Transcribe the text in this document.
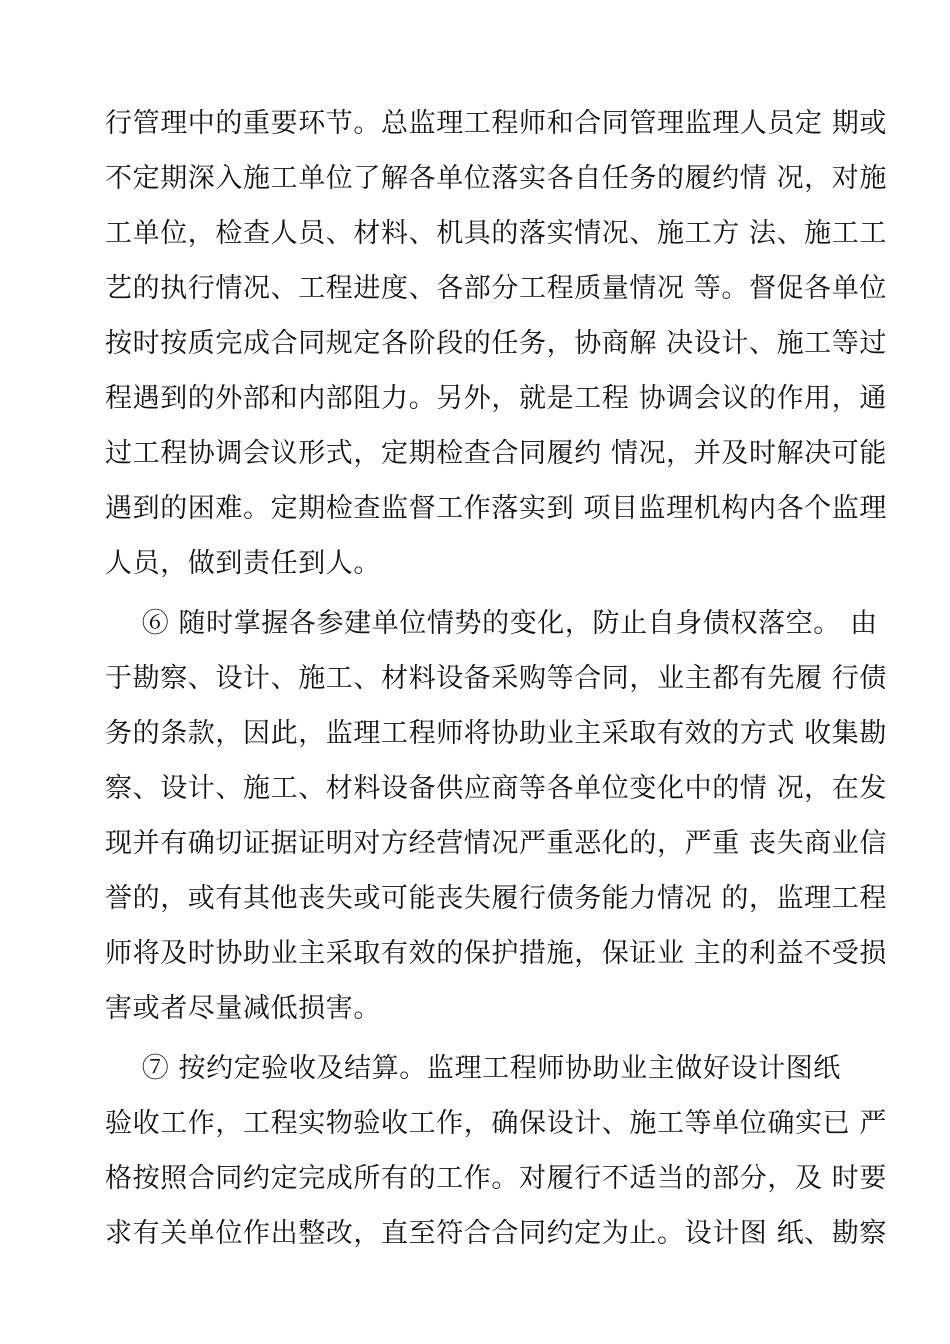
行管理中的重要环节。总监理工程师和合同管理监理人员定 期或
不定期深入施工单位了解各单位落实各自任务的履约情 况，对施
工单位，检查人员、材料、机具的落实情况、施工方 法、施工工
艺的执行情况、工程进度、各部分工程质量情况 等。督促各单位
按时按质完成合同规定各阶段的任务，协商解 决设计、施工等过
程遇到的外部和内部阻力。另外，就是工程 协调会议的作用，通
过工程协调会议形式，定期检查合同履约 情况，并及时解决可能
遇到的困难。定期检查监督工作落实到 项目监理机构内各个监理
人员，做到责任到人。
⑥ 随时掌握各参建单位情势的变化，防止自身债权落空。 由
于勘察、设计、施工、材料设备采购等合同，业主都有先履 行债
务的条款，因此，监理工程师将协助业主采取有效的方式 收集勘
察、设计、施工、材料设备供应商等各单位变化中的情 况，在发
现并有确切证据证明对方经营情况严重恶化的，严重 丧失商业信
誉的，或有其他丧失或可能丧失履行债务能力情况 的，监理工程
师将及时协助业主采取有效的保护措施，保证业 主的利益不受损
害或者尽量减低损害。
⑦ 按约定验收及结算。监理工程师协助业主做好设计图纸
验收工作，工程实物验收工作，确保设计、施工等单位确实已 严
格按照合同约定完成所有的工作。对履行不适当的部分，及 时要
求有关单位作出整改，直至符合合同约定为止。设计图 纸、勘察
